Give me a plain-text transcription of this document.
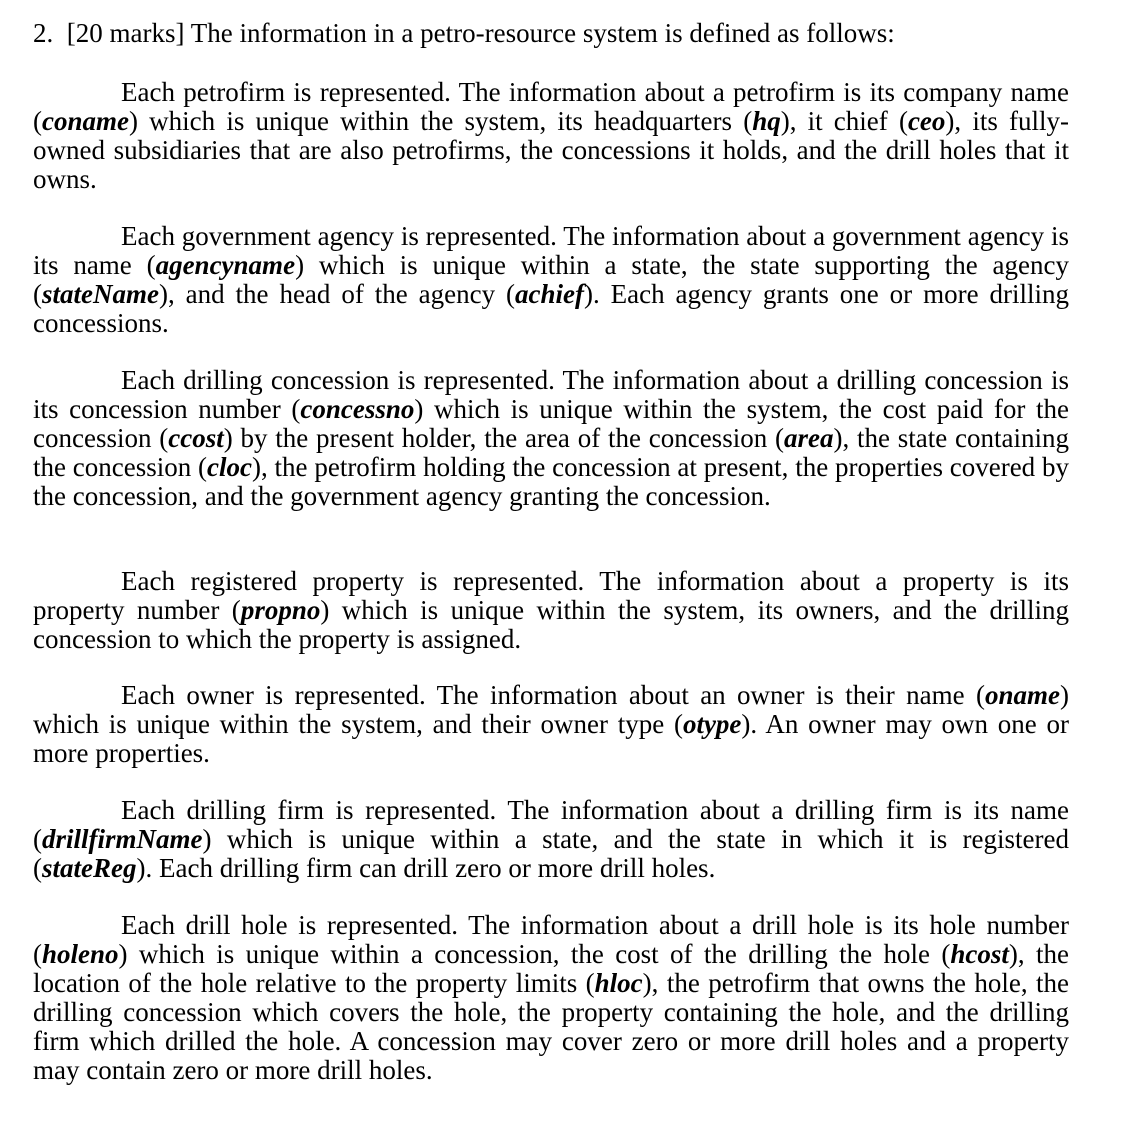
2. [20 marks] The information in a petro-resource system is defined as follows:

Each petrofirm is represented. The information about a petrofirm is its company name (coname) which is unique within the system, its headquarters (hq), it chief (ceo), its fully-owned subsidiaries that are also petrofirms, the concessions it holds, and the drill holes that it owns.

Each government agency is represented. The information about a government agency is its name (agencyname) which is unique within a state, the state supporting the agency (stateName), and the head of the agency (achief). Each agency grants one or more drilling concessions.

Each drilling concession is represented. The information about a drilling concession is its concession number (concessno) which is unique within the system, the cost paid for the concession (ccost) by the present holder, the area of the concession (area), the state containing the concession (cloc), the petrofirm holding the concession at present, the properties covered by the concession, and the government agency granting the concession.

Each registered property is represented. The information about a property is its property number (propno) which is unique within the system, its owners, and the drilling concession to which the property is assigned.

Each owner is represented. The information about an owner is their name (oname) which is unique within the system, and their owner type (otype). An owner may own one or more properties.

Each drilling firm is represented. The information about a drilling firm is its name (drillfirmName) which is unique within a state, and the state in which it is registered (stateReg). Each drilling firm can drill zero or more drill holes.

Each drill hole is represented. The information about a drill hole is its hole number (holeno) which is unique within a concession, the cost of the drilling the hole (hcost), the location of the hole relative to the property limits (hloc), the petrofirm that owns the hole, the drilling concession which covers the hole, the property containing the hole, and the drilling firm which drilled the hole. A concession may cover zero or more drill holes and a property may contain zero or more drill holes.
